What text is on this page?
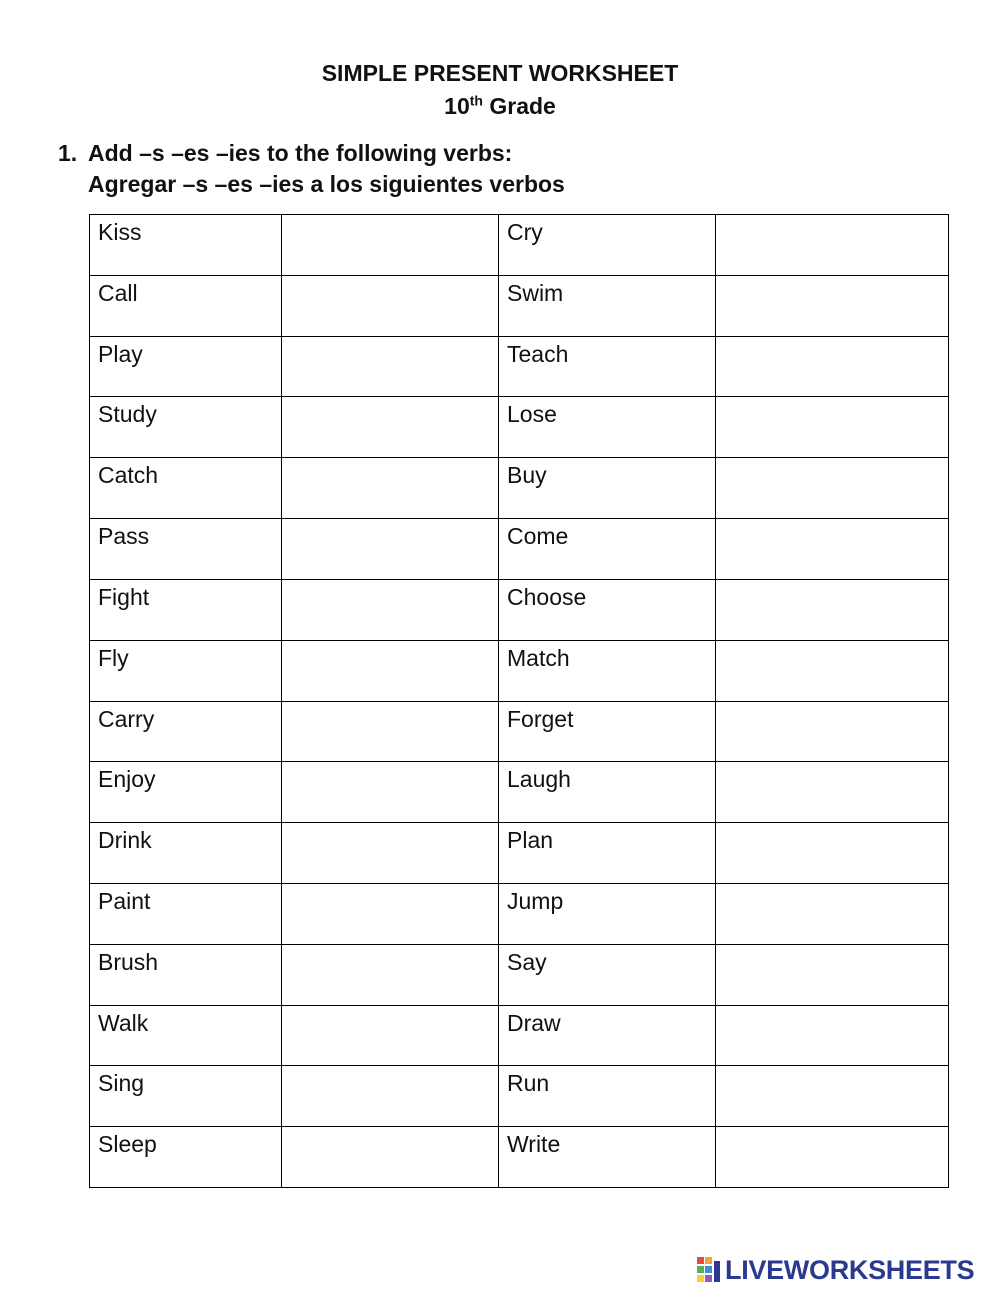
SIMPLE PRESENT WORKSHEET
10th Grade
1. Add –s –es –ies to the following verbs:
Agregar –s –es –ies a los siguientes verbos
Kiss		Cry	
Call		Swim	
Play		Teach	
Study		Lose	
Catch		Buy	
Pass		Come	
Fight		Choose	
Fly		Match	
Carry		Forget	
Enjoy		Laugh	
Drink		Plan	
Paint		Jump	
Brush		Say	
Walk		Draw	
Sing		Run	
Sleep		Write	
LIVEWORKSHEETS
